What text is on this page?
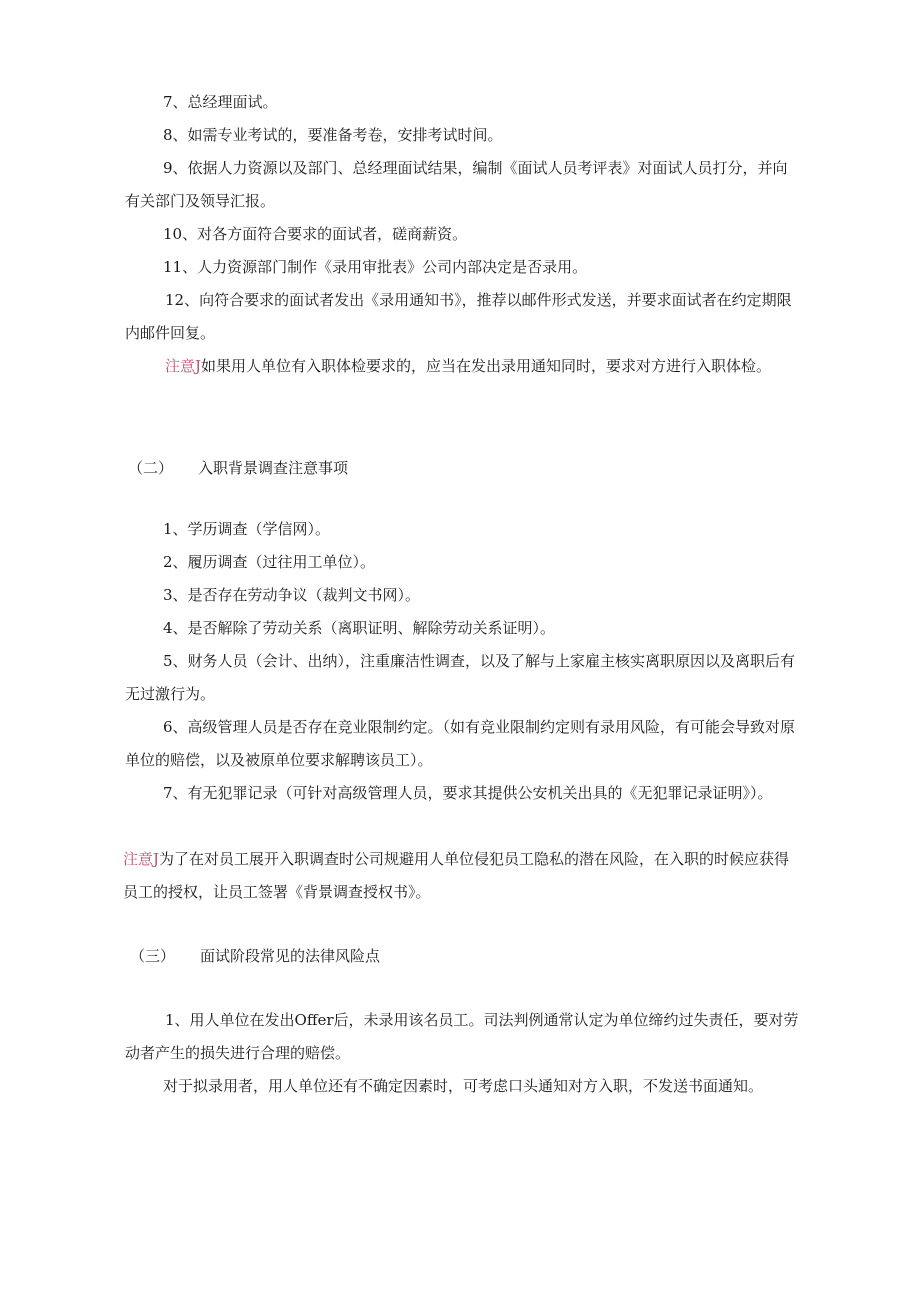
7、总经理面试。

8、如需专业考试的，要准备考卷，安排考试时间。

9、依据人力资源以及部门、总经理面试结果，编制《面试人员考评表》对面试人员打分，并向有关部门及领导汇报。

10、对各方面符合要求的面试者，磋商薪资。

11、人力资源部门制作《录用审批表》公司内部决定是否录用。

12、向符合要求的面试者发出《录用通知书》，推荐以邮件形式发送，并要求面试者在约定期限内邮件回复。

注意J如果用人单位有入职体检要求的，应当在发出录用通知同时，要求对方进行入职体检。

（二） 入职背景调查注意事项

1、学历调查（学信网）。

2、履历调查（过往用工单位）。

3、是否存在劳动争议（裁判文书网）。

4、是否解除了劳动关系（离职证明、解除劳动关系证明）。

5、财务人员（会计、出纳），注重廉洁性调查，以及了解与上家雇主核实离职原因以及离职后有无过激行为。

6、高级管理人员是否存在竞业限制约定。（如有竞业限制约定则有录用风险，有可能会导致对原单位的赔偿，以及被原单位要求解聘该员工）。

7、有无犯罪记录（可针对高级管理人员，要求其提供公安机关出具的《无犯罪记录证明》）。

注意J为了在对员工展开入职调查时公司规避用人单位侵犯员工隐私的潜在风险，在入职的时候应获得员工的授权，让员工签署《背景调查授权书》。

（三） 面试阶段常见的法律风险点

1、用人单位在发出Offer后，未录用该名员工。司法判例通常认定为单位缔约过失责任，要对劳动者产生的损失进行合理的赔偿。

对于拟录用者，用人单位还有不确定因素时，可考虑口头通知对方入职，不发送书面通知。
